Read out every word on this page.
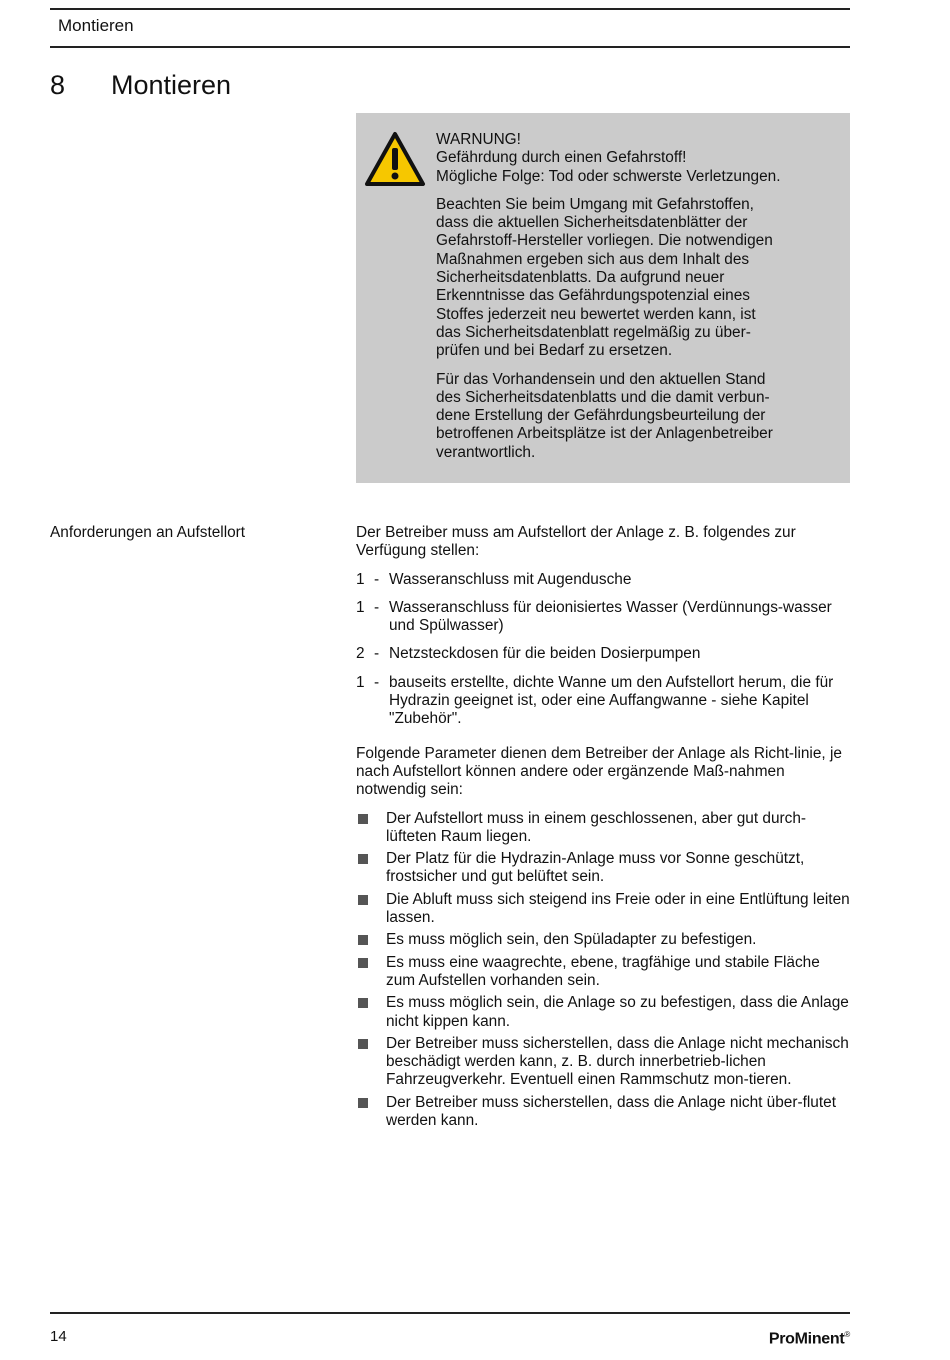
Montieren
8	Montieren

WARNUNG!
Gefährdung durch einen Gefahrstoff!
Mögliche Folge: Tod oder schwerste Verletzungen.

Beachten Sie beim Umgang mit Gefahrstoffen,
dass die aktuellen Sicherheitsdatenblätter der
Gefahrstoff-Hersteller vorliegen. Die notwendigen
Maßnahmen ergeben sich aus dem Inhalt des
Sicherheitsdatenblatts. Da aufgrund neuer
Erkenntnisse das Gefährdungspotenzial eines
Stoffes jederzeit neu bewertet werden kann, ist
das Sicherheitsdatenblatt regelmäßig zu über-
prüfen und bei Bedarf zu ersetzen.

Für das Vorhandensein und den aktuellen Stand
des Sicherheitsdatenblatts und die damit verbun-
dene Erstellung der Gefährdungsbeurteilung der
betroffenen Arbeitsplätze ist der Anlagenbetreiber
verantwortlich.

Anforderungen an Aufstellort	Der Betreiber muss am Aufstellort der Anlage z. B. folgendes zur Verfügung stellen:

1 - Wasseranschluss mit Augendusche
1 - Wasseranschluss für deionisiertes Wasser (Verdünnungs-wasser und Spülwasser)
2 - Netzsteckdosen für die beiden Dosierpumpen
1 - bauseits erstellte, dichte Wanne um den Aufstellort herum, die für Hydrazin geeignet ist, oder eine Auffangwanne - siehe Kapitel "Zubehör".

Folgende Parameter dienen dem Betreiber der Anlage als Richt-linie, je nach Aufstellort können andere oder ergänzende Maß-nahmen notwendig sein:

Der Aufstellort muss in einem geschlossenen, aber gut durch-lüfteten Raum liegen.
Der Platz für die Hydrazin-Anlage muss vor Sonne geschützt, frostsicher und gut belüftet sein.
Die Abluft muss sich steigend ins Freie oder in eine Entlüftung leiten lassen.
Es muss möglich sein, den Spüladapter zu befestigen.
Es muss eine waagrechte, ebene, tragfähige und stabile Fläche zum Aufstellen vorhanden sein.
Es muss möglich sein, die Anlage so zu befestigen, dass die Anlage nicht kippen kann.
Der Betreiber muss sicherstellen, dass die Anlage nicht mechanisch beschädigt werden kann, z. B. durch innerbetrieb-lichen Fahrzeugverkehr. Eventuell einen Rammschutz mon-tieren.
Der Betreiber muss sicherstellen, dass die Anlage nicht über-flutet werden kann.
14	ProMinent®
